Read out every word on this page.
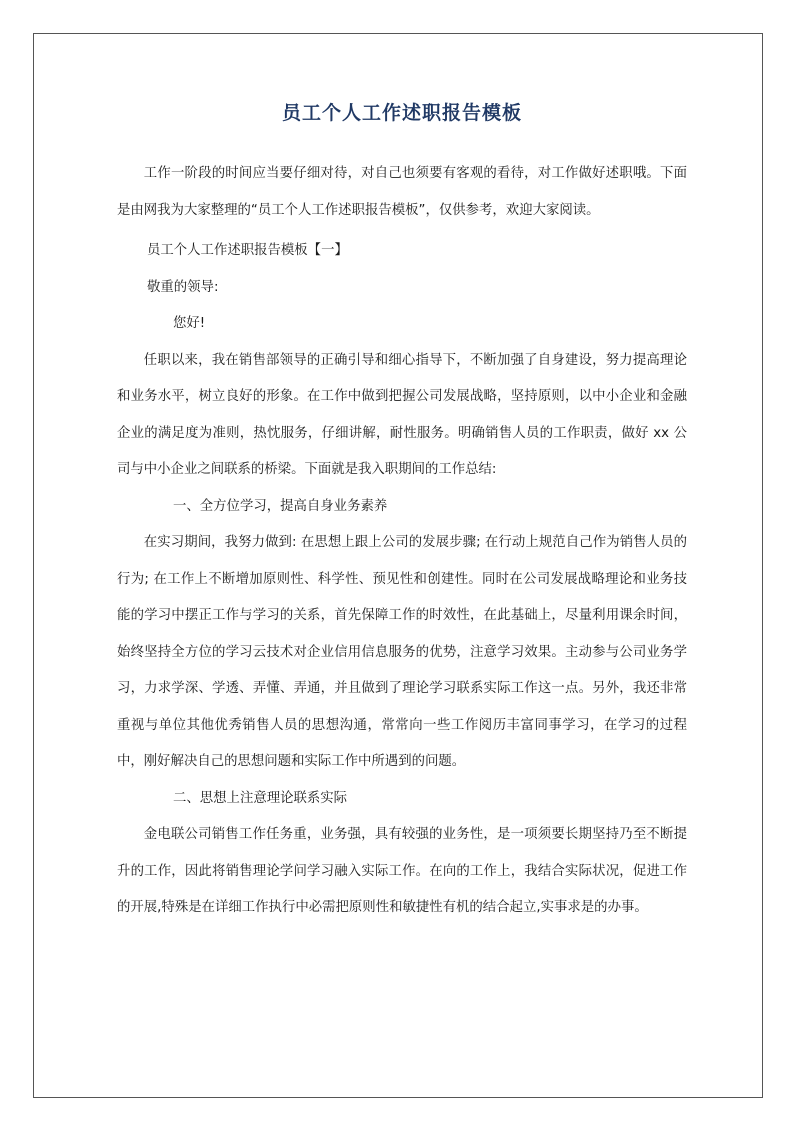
员工个人工作述职报告模板

工作一阶段的时间应当要仔细对待，对自己也须要有客观的看待，对工作做好述职哦。下面是由网我为大家整理的“员工个人工作述职报告模板”，仅供参考，欢迎大家阅读。

员工个人工作述职报告模板【一】

敬重的领导:

您好!

任职以来，我在销售部领导的正确引导和细心指导下，不断加强了自身建设，努力提高理论和业务水平，树立良好的形象。在工作中做到把握公司发展战略，坚持原则，以中小企业和金融企业的满足度为准则，热忱服务，仔细讲解，耐性服务。明确销售人员的工作职责，做好 xx 公司与中小企业之间联系的桥梁。下面就是我入职期间的工作总结:

一、全方位学习，提高自身业务素养

在实习期间，我努力做到: 在思想上跟上公司的发展步骤; 在行动上规范自己作为销售人员的行为; 在工作上不断增加原则性、科学性、预见性和创建性。同时在公司发展战略理论和业务技能的学习中摆正工作与学习的关系，首先保障工作的时效性，在此基础上，尽量利用课余时间，始终坚持全方位的学习云技术对企业信用信息服务的优势，注意学习效果。主动参与公司业务学习，力求学深、学透、弄懂、弄通，并且做到了理论学习联系实际工作这一点。另外，我还非常重视与单位其他优秀销售人员的思想沟通，常常向一些工作阅历丰富同事学习，在学习的过程中，刚好解决自己的思想问题和实际工作中所遇到的问题。

二、思想上注意理论联系实际

金电联公司销售工作任务重，业务强，具有较强的业务性，是一项须要长期坚持乃至不断提升的工作，因此将销售理论学问学习融入实际工作。在向的工作上，我结合实际状况，促进工作的开展,特殊是在详细工作执行中必需把原则性和敏捷性有机的结合起立,实事求是的办事。
